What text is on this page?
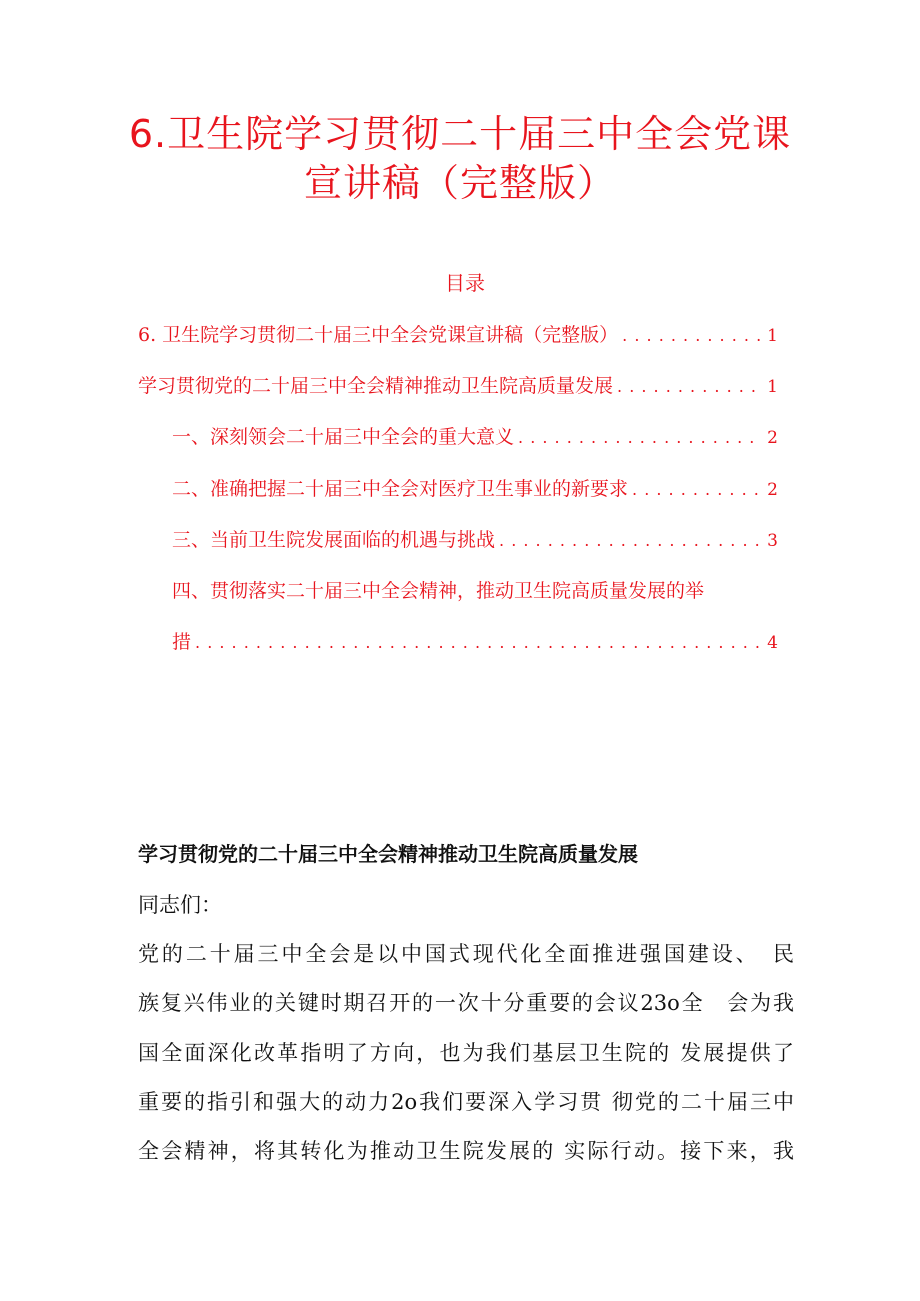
6.卫生院学习贯彻二十届三中全会党课
宣讲稿（完整版）
目录
6. 卫生院学习贯彻二十届三中全会党课宣讲稿（完整版） . . .	1
学习贯彻党的二十届三中全会精神推动卫生院高质量发展 . . .	1
一、深刻领会二十届三中全会的重大意义 . . .	2
二、准确把握二十届三中全会对医疗卫生事业的新要求 . . .	2
三、当前卫生院发展面临的机遇与挑战 . . .	3
四、贯彻落实二十届三中全会精神，推动卫生院高质量发展的举
措 . . .	4
学习贯彻党的二十届三中全会精神推动卫生院高质量发展
同志们：
党的二十届三中全会是以中国式现代化全面推进强国建设、　民
族复兴伟业的关键时期召开的一次十分重要的会议23o全　会为我
国全面深化改革指明了方向，也为我们基层卫生院的 发展提供了
重要的指引和强大的动力2o我们要深入学习贯 彻党的二十届三中
全会精神，将其转化为推动卫生院发展的 实际行动。接下来，我
